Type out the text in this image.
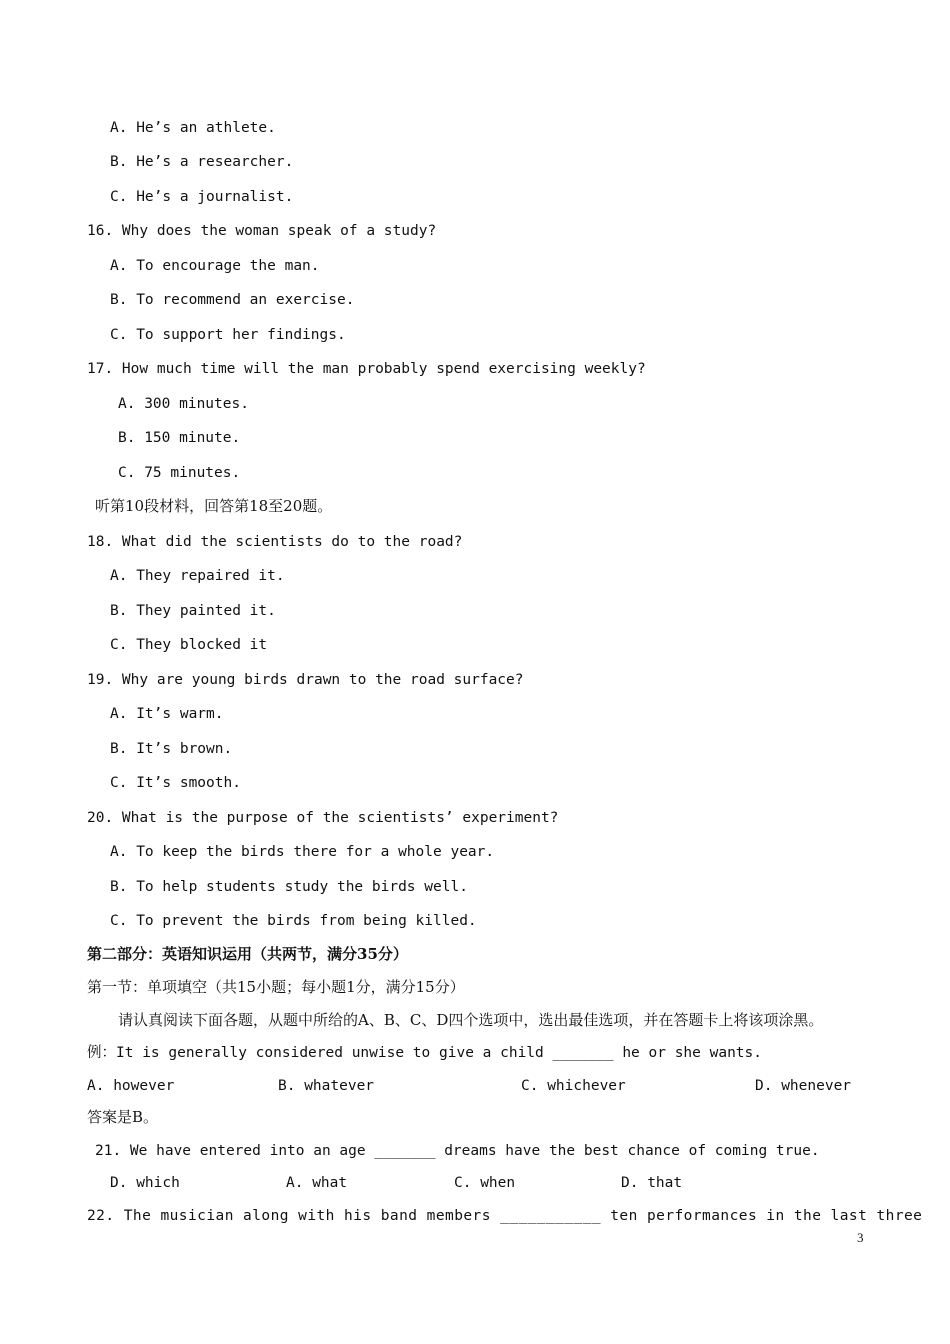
A. He’s an athlete.
B. He’s a researcher.
C. He’s a journalist.
16. Why does the woman speak of a study?
A. To encourage the man.
B. To recommend an exercise.
C. To support her findings.
17. How much time will the man probably spend exercising weekly?
A. 300 minutes.
B. 150 minute.
C. 75 minutes.
听第10段材料，回答第18至20题。
18. What did the scientists do to the road?
A. They repaired it.
B. They painted it.
C. They blocked it
19. Why are young birds drawn to the road surface?
A. It’s warm.
B. It’s brown.
C. It’s smooth.
20. What is the purpose of the scientists’ experiment?
A. To keep the birds there for a whole year.
B. To help students study the birds well.
C. To prevent the birds from being killed.
第二部分：英语知识运用（共两节，满分35分）
第一节：单项填空（共15小题；每小题1分，满分15分）
请认真阅读下面各题，从题中所给的A、B、C、D四个选项中，选出最佳选项，并在答题卡上将该项涂黑。
例：It is generally considered unwise to give a child _______ he or she wants.
A. however	B. whatever	C. whichever	D. whenever
答案是B。
21. We have entered into an age _______ dreams have the best chance of coming true.
D. which	A. what	C. when	D. that
22. The musician along with his band members ___________ ten performances in the last three
3
